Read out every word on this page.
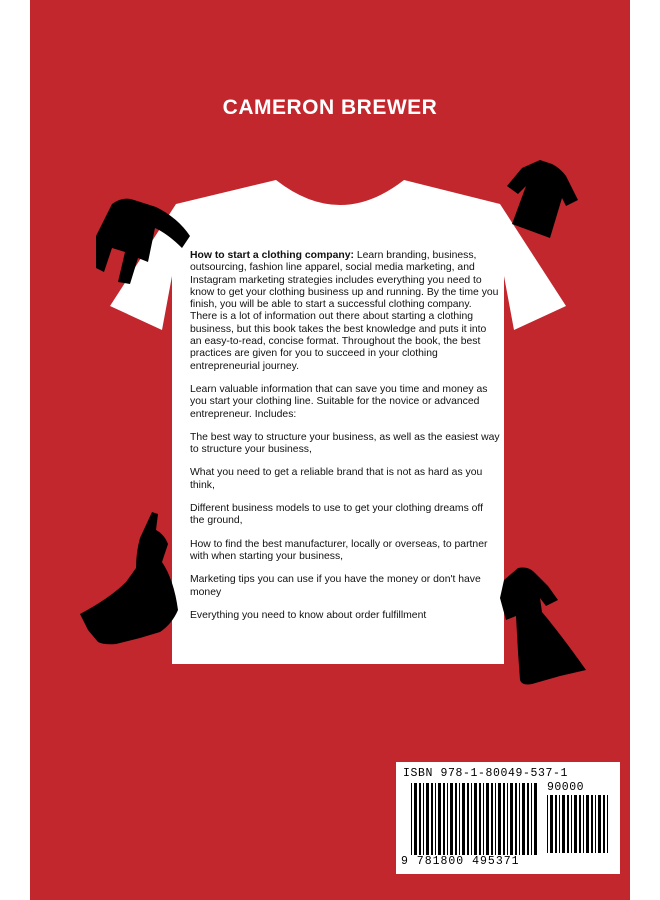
CAMERON BREWER

How to start a clothing company: Learn branding, business, outsourcing, fashion line apparel, social media marketing, and Instagram marketing strategies includes everything you need to know to get your clothing business up and running. By the time you finish, you will be able to start a successful clothing company. There is a lot of information out there about starting a clothing business, but this book takes the best knowledge and puts it into an easy-to-read, concise format. Throughout the book, the best practices are given for you to succeed in your clothing entrepreneurial journey.

Learn valuable information that can save you time and money as you start your clothing line. Suitable for the novice or advanced entrepreneur. Includes:

The best way to structure your business, as well as the easiest way to structure your business,

What you need to get a reliable brand that is not as hard as you think,

Different business models to use to get your clothing dreams off the ground,

How to find the best manufacturer, locally or overseas, to partner with when starting your business,

Marketing tips you can use if you have the money or don't have money

Everything you need to know about order fulfillment

ISBN 978-1-80049-537-1
90000
9 781800 495371
